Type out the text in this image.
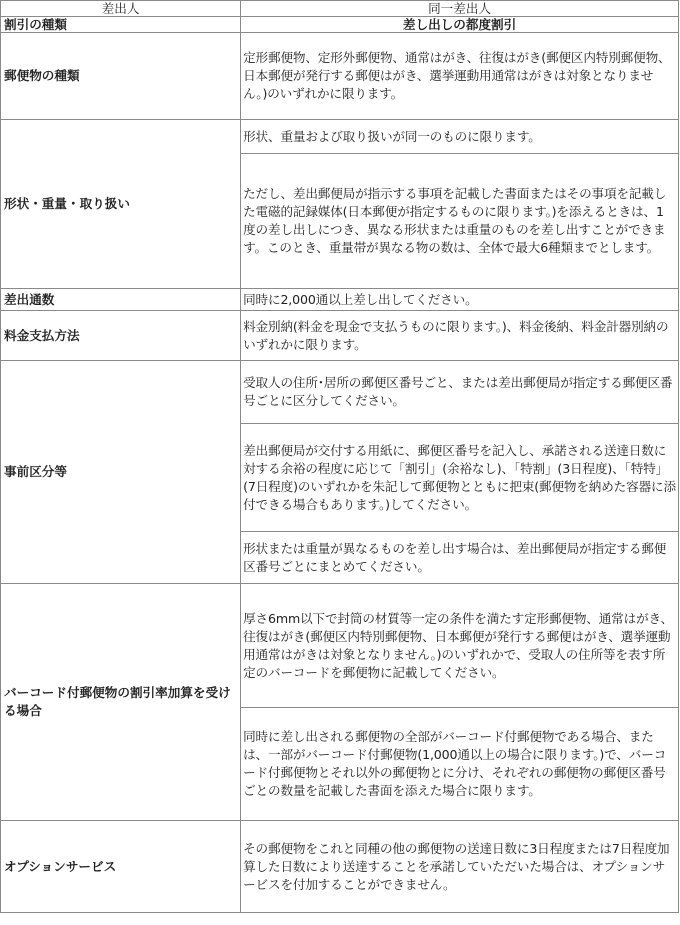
差出人	同一差出人
割引の種類	差し出しの都度割引
郵便物の種類	定形郵便物、定形外郵便物、通常はがき、往復はがき(郵便区内特別郵便物、日本郵便が発行する郵便はがき、選挙運動用通常はがきは対象となりません。)のいずれかに限ります。
形状・重量・取り扱い	形状、重量および取り扱いが同一のものに限ります。
	ただし、差出郵便局が指示する事項を記載した書面またはその事項を記載した電磁的記録媒体(日本郵便が指定するものに限ります。)を添えるときは、1度の差し出しにつき、異なる形状または重量のものを差し出すことができます。このとき、重量帯が異なる物の数は、全体で最大6種類までとします。
差出通数	同時に2,000通以上差し出してください。
料金支払方法	料金別納(料金を現金で支払うものに限ります。)、料金後納、料金計器別納のいずれかに限ります。
事前区分等	受取人の住所･居所の郵便区番号ごと、または差出郵便局が指定する郵便区番号ごとに区分してください。
	差出郵便局が交付する用紙に、郵便区番号を記入し、承諾される送達日数に対する余裕の程度に応じて「割引」(余裕なし)、「特割」(3日程度)、「特特」(7日程度)のいずれかを朱記して郵便物とともに把束(郵便物を納めた容器に添付できる場合もあります。)してください。
	形状または重量が異なるものを差し出す場合は、差出郵便局が指定する郵便区番号ごとにまとめてください。
バーコード付郵便物の割引率加算を受ける場合	厚さ6mm以下で封筒の材質等一定の条件を満たす定形郵便物、通常はがき、往復はがき(郵便区内特別郵便物、日本郵便が発行する郵便はがき、選挙運動用通常はがきは対象となりません。)のいずれかで、受取人の住所等を表す所定のバーコードを郵便物に記載してください。
	同時に差し出される郵便物の全部がバーコード付郵便物である場合、または、一部がバーコード付郵便物(1,000通以上の場合に限ります。)で、バーコード付郵便物とそれ以外の郵便物とに分け、それぞれの郵便物の郵便区番号ごとの数量を記載した書面を添えた場合に限ります。
オプションサービス	その郵便物をこれと同種の他の郵便物の送達日数に3日程度または7日程度加算した日数により送達することを承諾していただいた場合は、オプションサービスを付加することができません。
